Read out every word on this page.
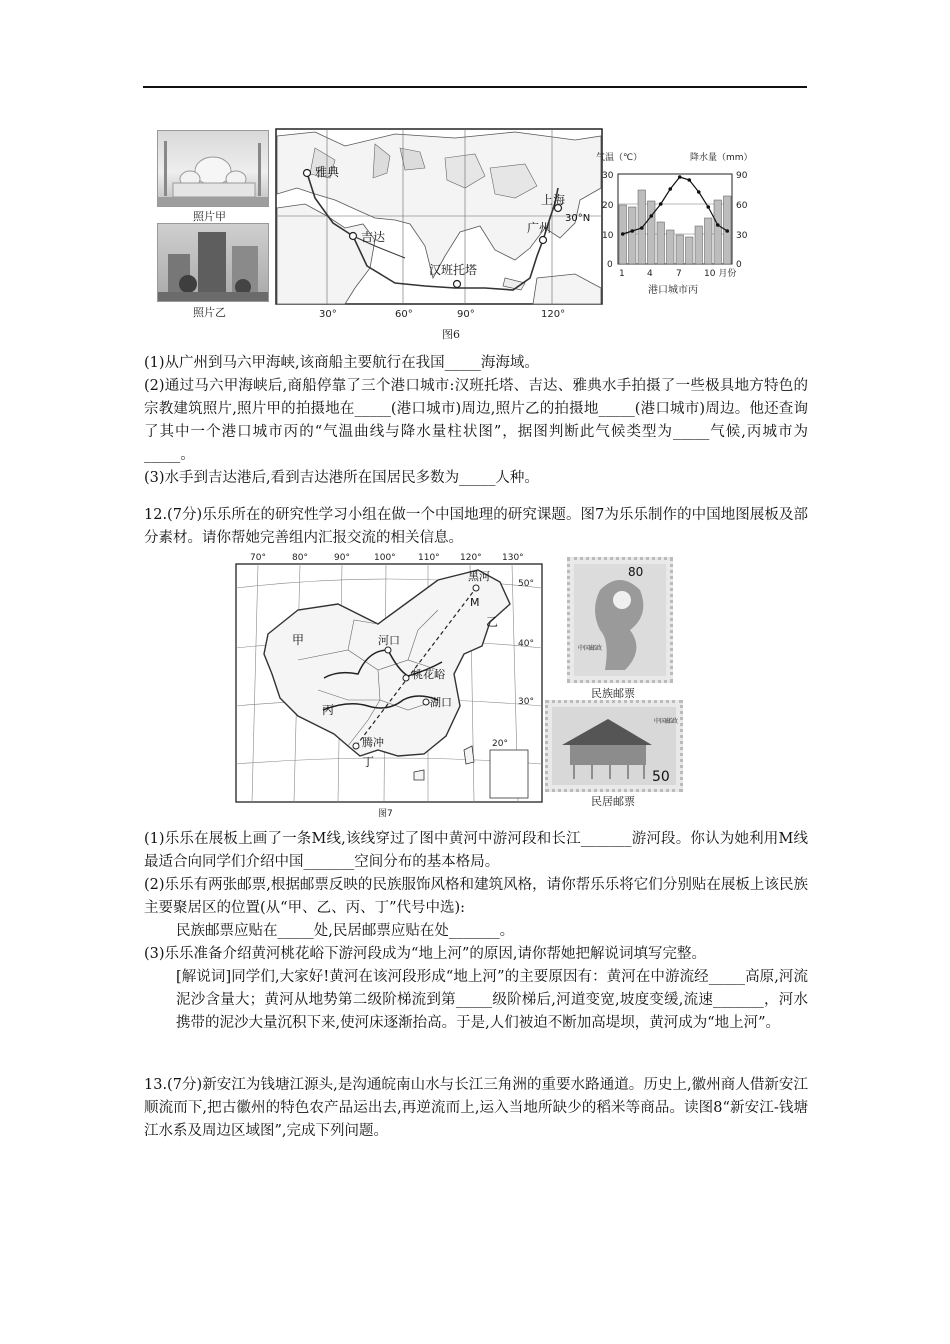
照片甲
照片乙
雅典
吉达
汉班托塔
上海
广州
30°N
30°	60°	90°	120°
图6
气温（℃）	降水量（mm）
30
20
10
0
90
60
30
0
1 4	7 10 月份
港口城市丙

(1)从广州到马六甲海峡,该商船主要航行在我国_____海海域。

(2)通过马六甲海峡后,商船停靠了三个港口城市:汉班托塔、吉达、雅典水手拍摄了一些极具地方特色的宗教建筑照片,照片甲的拍摄地在_____(港口城市)周边,照片乙的拍摄地_____(港口城市)周边。他还查询了其中一个港口城市丙的“气温曲线与降水量柱状图”，据图判断此气候类型为_____气候,丙城市为_____。

(3)水手到吉达港后,看到吉达港所在国居民多数为_____人种。

12.(7分)乐乐所在的研究性学习小组在做一个中国地理的研究课题。图7为乐乐制作的中国地图展板及部分素材。请你帮她完善组内汇报交流的相关信息。

黑河
M
乙
甲	河口
桃花峪
丙
湖口
腾冲
丁
70°	80°	90°	100° 110° 120° 130°
50°
40°
30°
20°
图7
80
中国邮政
民族邮票
50
中国邮政
民居邮票

(1)乐乐在展板上画了一条M线,该线穿过了图中黄河中游河段和长江_______游河段。你认为她利用M线最适合向同学们介绍中国_______空间分布的基本格局。

(2)乐乐有两张邮票,根据邮票反映的民族服饰风格和建筑风格，请你帮乐乐将它们分别贴在展板上该民族主要聚居区的位置(从“甲、乙、丙、丁”代号中选):

民族邮票应贴在_____处,民居邮票应贴在处_______。

(3)乐乐准备介绍黄河桃花峪下游河段成为“地上河”的原因,请你帮她把解说词填写完整。

[解说词]同学们,大家好!黄河在该河段形成“地上河”的主要原因有：黄河在中游流经_____高原,河流泥沙含量大；黄河从地势第二级阶梯流到第_____级阶梯后,河道变宽,坡度变缓,流速_______，河水携带的泥沙大量沉积下来,使河床逐渐抬高。于是,人们被迫不断加高堤坝，黄河成为“地上河”。

13.(7分)新安江为钱塘江源头,是沟通皖南山水与长江三角洲的重要水路通道。历史上,徽州商人借新安江顺流而下,把古徽州的特色农产品运出去,再逆流而上,运入当地所缺少的稻米等商品。读图8“新安江-钱塘江水系及周边区域图”,完成下列问题。
